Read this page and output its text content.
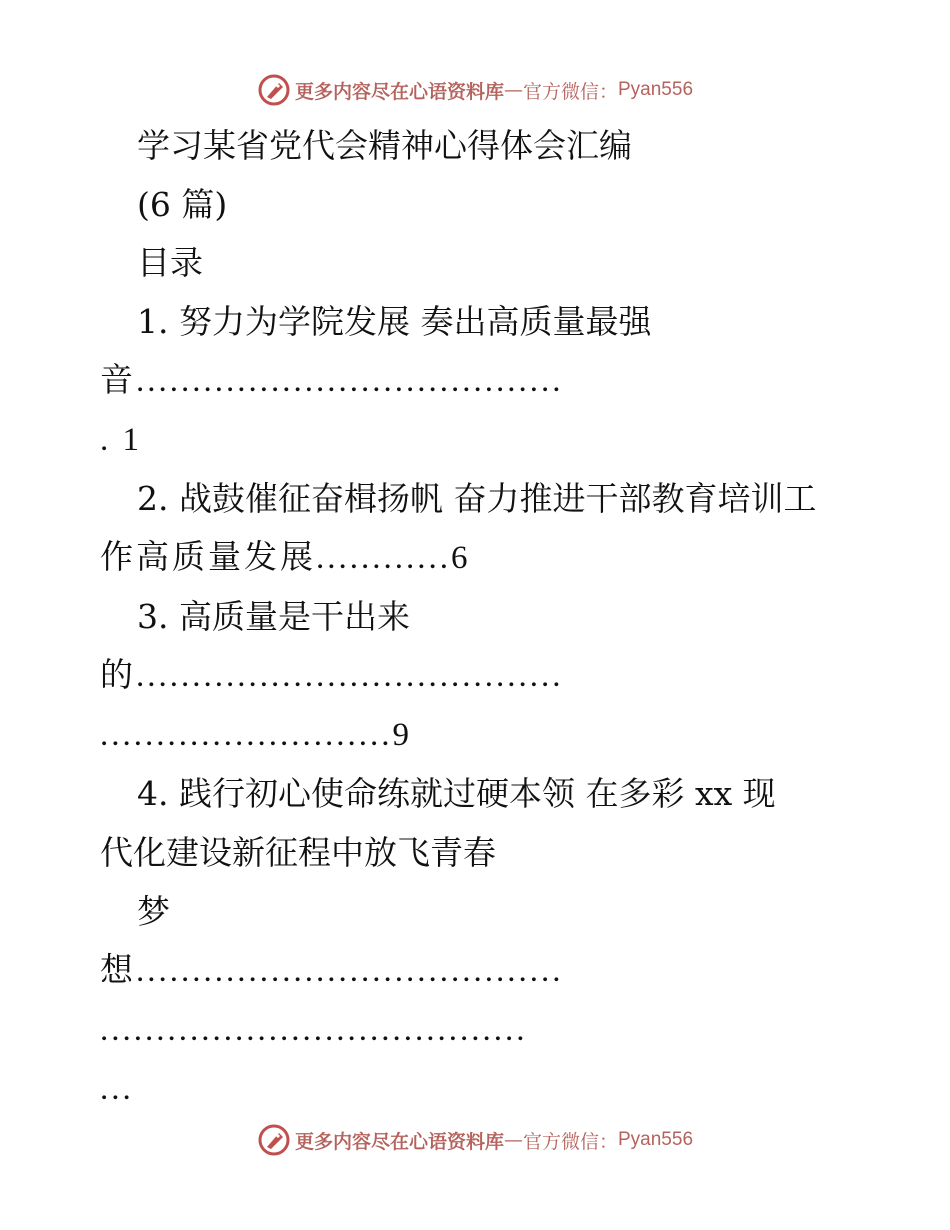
更多内容尽在心语资料库 — 官方微信： Pyan556
学习某省党代会精神心得体会汇编
(6 篇)
目录
1. 努力为学院发展 奏出高质量最强
音......................................
. 1
2. 战鼓催征奋楫扬帆 奋力推进干部教育培训工
作高质量发展............6
3. 高质量是干出来
的......................................
..........................9
4. 践行初心使命练就过硬本领 在多彩 xx 现
代化建设新征程中放飞青春
梦
想......................................
......................................
...
更多内容尽在心语资料库 — 官方微信： Pyan556
